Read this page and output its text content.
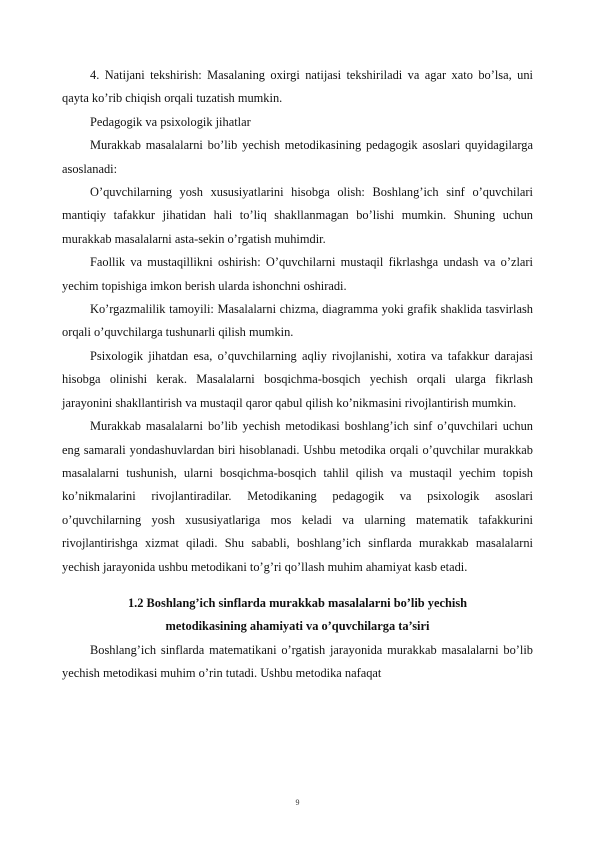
4. Natijani tekshirish: Masalaning oxirgi natijasi tekshiriladi va agar xato bo’lsa, uni qayta ko’rib chiqish orqali tuzatish mumkin.

Pedagogik va psixologik jihatlar

Murakkab masalalarni bo’lib yechish metodikasining pedagogik asoslari quyidagilarga asoslanadi:

O’quvchilarning yosh xususiyatlarini hisobga olish: Boshlang’ich sinf o’quvchilari mantiqiy tafakkur jihatidan hali to’liq shakllanmagan bo’lishi mumkin. Shuning uchun murakkab masalalarni asta-sekin o’rgatish muhimdir.

Faollik va mustaqillikni oshirish: O’quvchilarni mustaqil fikrlashga undash va o’zlari yechim topishiga imkon berish ularda ishonchni oshiradi.

Ko’rgazmalilik tamoyili: Masalalarni chizma, diagramma yoki grafik shaklida tasvirlash orqali o’quvchilarga tushunarli qilish mumkin.

Psixologik jihatdan esa, o’quvchilarning aqliy rivojlanishi, xotira va tafakkur darajasi hisobga olinishi kerak. Masalalarni bosqichma-bosqich yechish orqali ularga fikrlash jarayonini shakllantirish va mustaqil qaror qabul qilish ko’nikmasini rivojlantirish mumkin.

Murakkab masalalarni bo’lib yechish metodikasi boshlang’ich sinf o’quvchilari uchun eng samarali yondashuvlardan biri hisoblanadi. Ushbu metodika orqali o’quvchilar murakkab masalalarni tushunish, ularni bosqichma-bosqich tahlil qilish va mustaqil yechim topish ko’nikmalarini rivojlantiradilar. Metodikaning pedagogik va psixologik asoslari o’quvchilarning yosh xususiyatlariga mos keladi va ularning matematik tafakkurini rivojlantirishga xizmat qiladi. Shu sababli, boshlang’ich sinflarda murakkab masalalarni yechish jarayonida ushbu metodikani to’g’ri qo’llash muhim ahamiyat kasb etadi.

1.2 Boshlang’ich sinflarda murakkab masalalarni bo’lib yechish

metodikasining ahamiyati va o’quvchilarga ta’siri

Boshlang’ich sinflarda matematikani o’rgatish jarayonida murakkab masalalarni bo’lib yechish metodikasi muhim o’rin tutadi. Ushbu metodika nafaqat

9
